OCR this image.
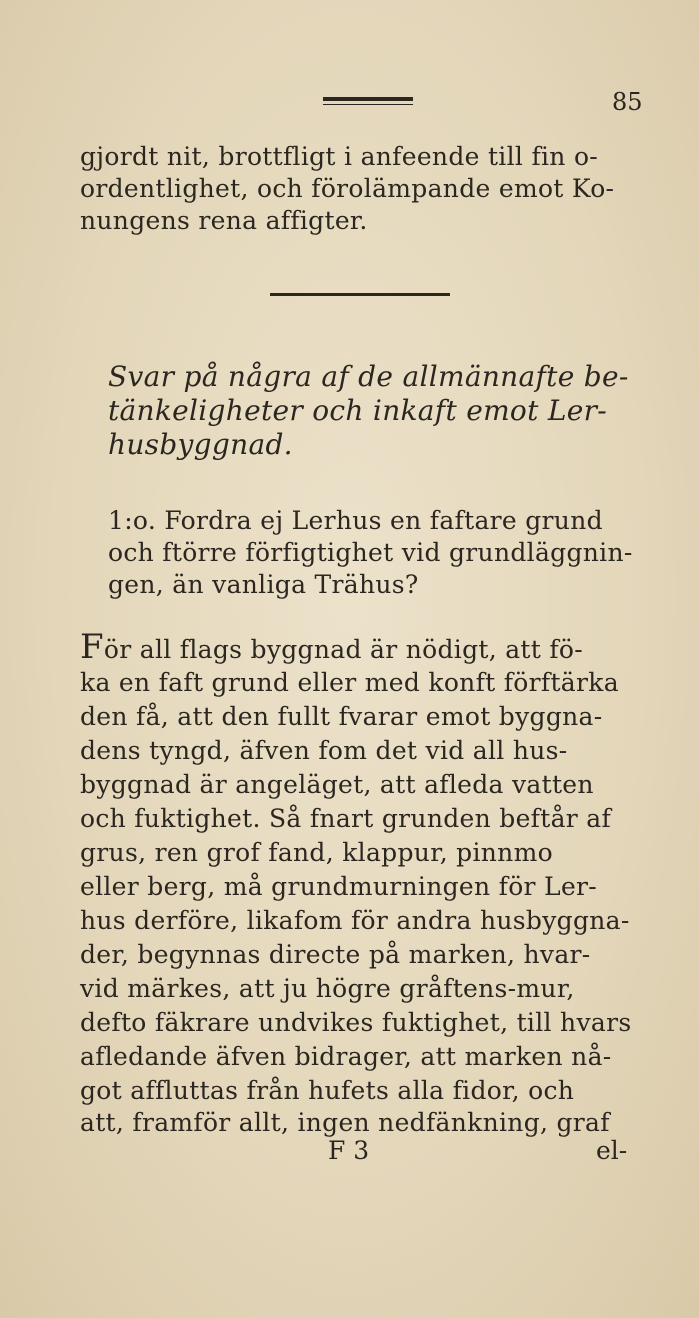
85
gjordt nit, brottfligt i anfeende till fin o-
ordentlighet, och förolämpande emot Ko-
nungens rena affigter.
Svar på några af de allmännafte be-
tänkeligheter och inkaft emot Ler-
husbyggnad.
1:o. Fordra ej Lerhus en faftare grund
och ftörre förfigtighet vid grundläggnin-
gen, än vanliga Trähus?
För all flags byggnad är nödigt, att fö-
ka en faft grund eller med konft förftärka
den få, att den fullt fvarar emot byggna-
dens tyngd, äfven fom det vid all hus-
byggnad är angeläget, att afleda vatten
och fuktighet. Så fnart grunden beftår af
grus, ren grof fand, klappur, pinnmo
eller berg, må grundmurningen för Ler-
hus derföre, likafom för andra husbyggna-
der, begynnas directe på marken, hvar-
vid märkes, att ju högre gråftens-mur,
defto fäkrare undvikes fuktighet, till hvars
afledande äfven bidrager, att marken nå-
got affluttas från hufets alla fidor, och
att, framför allt, ingen nedfänkning, graf
F 3	el-
